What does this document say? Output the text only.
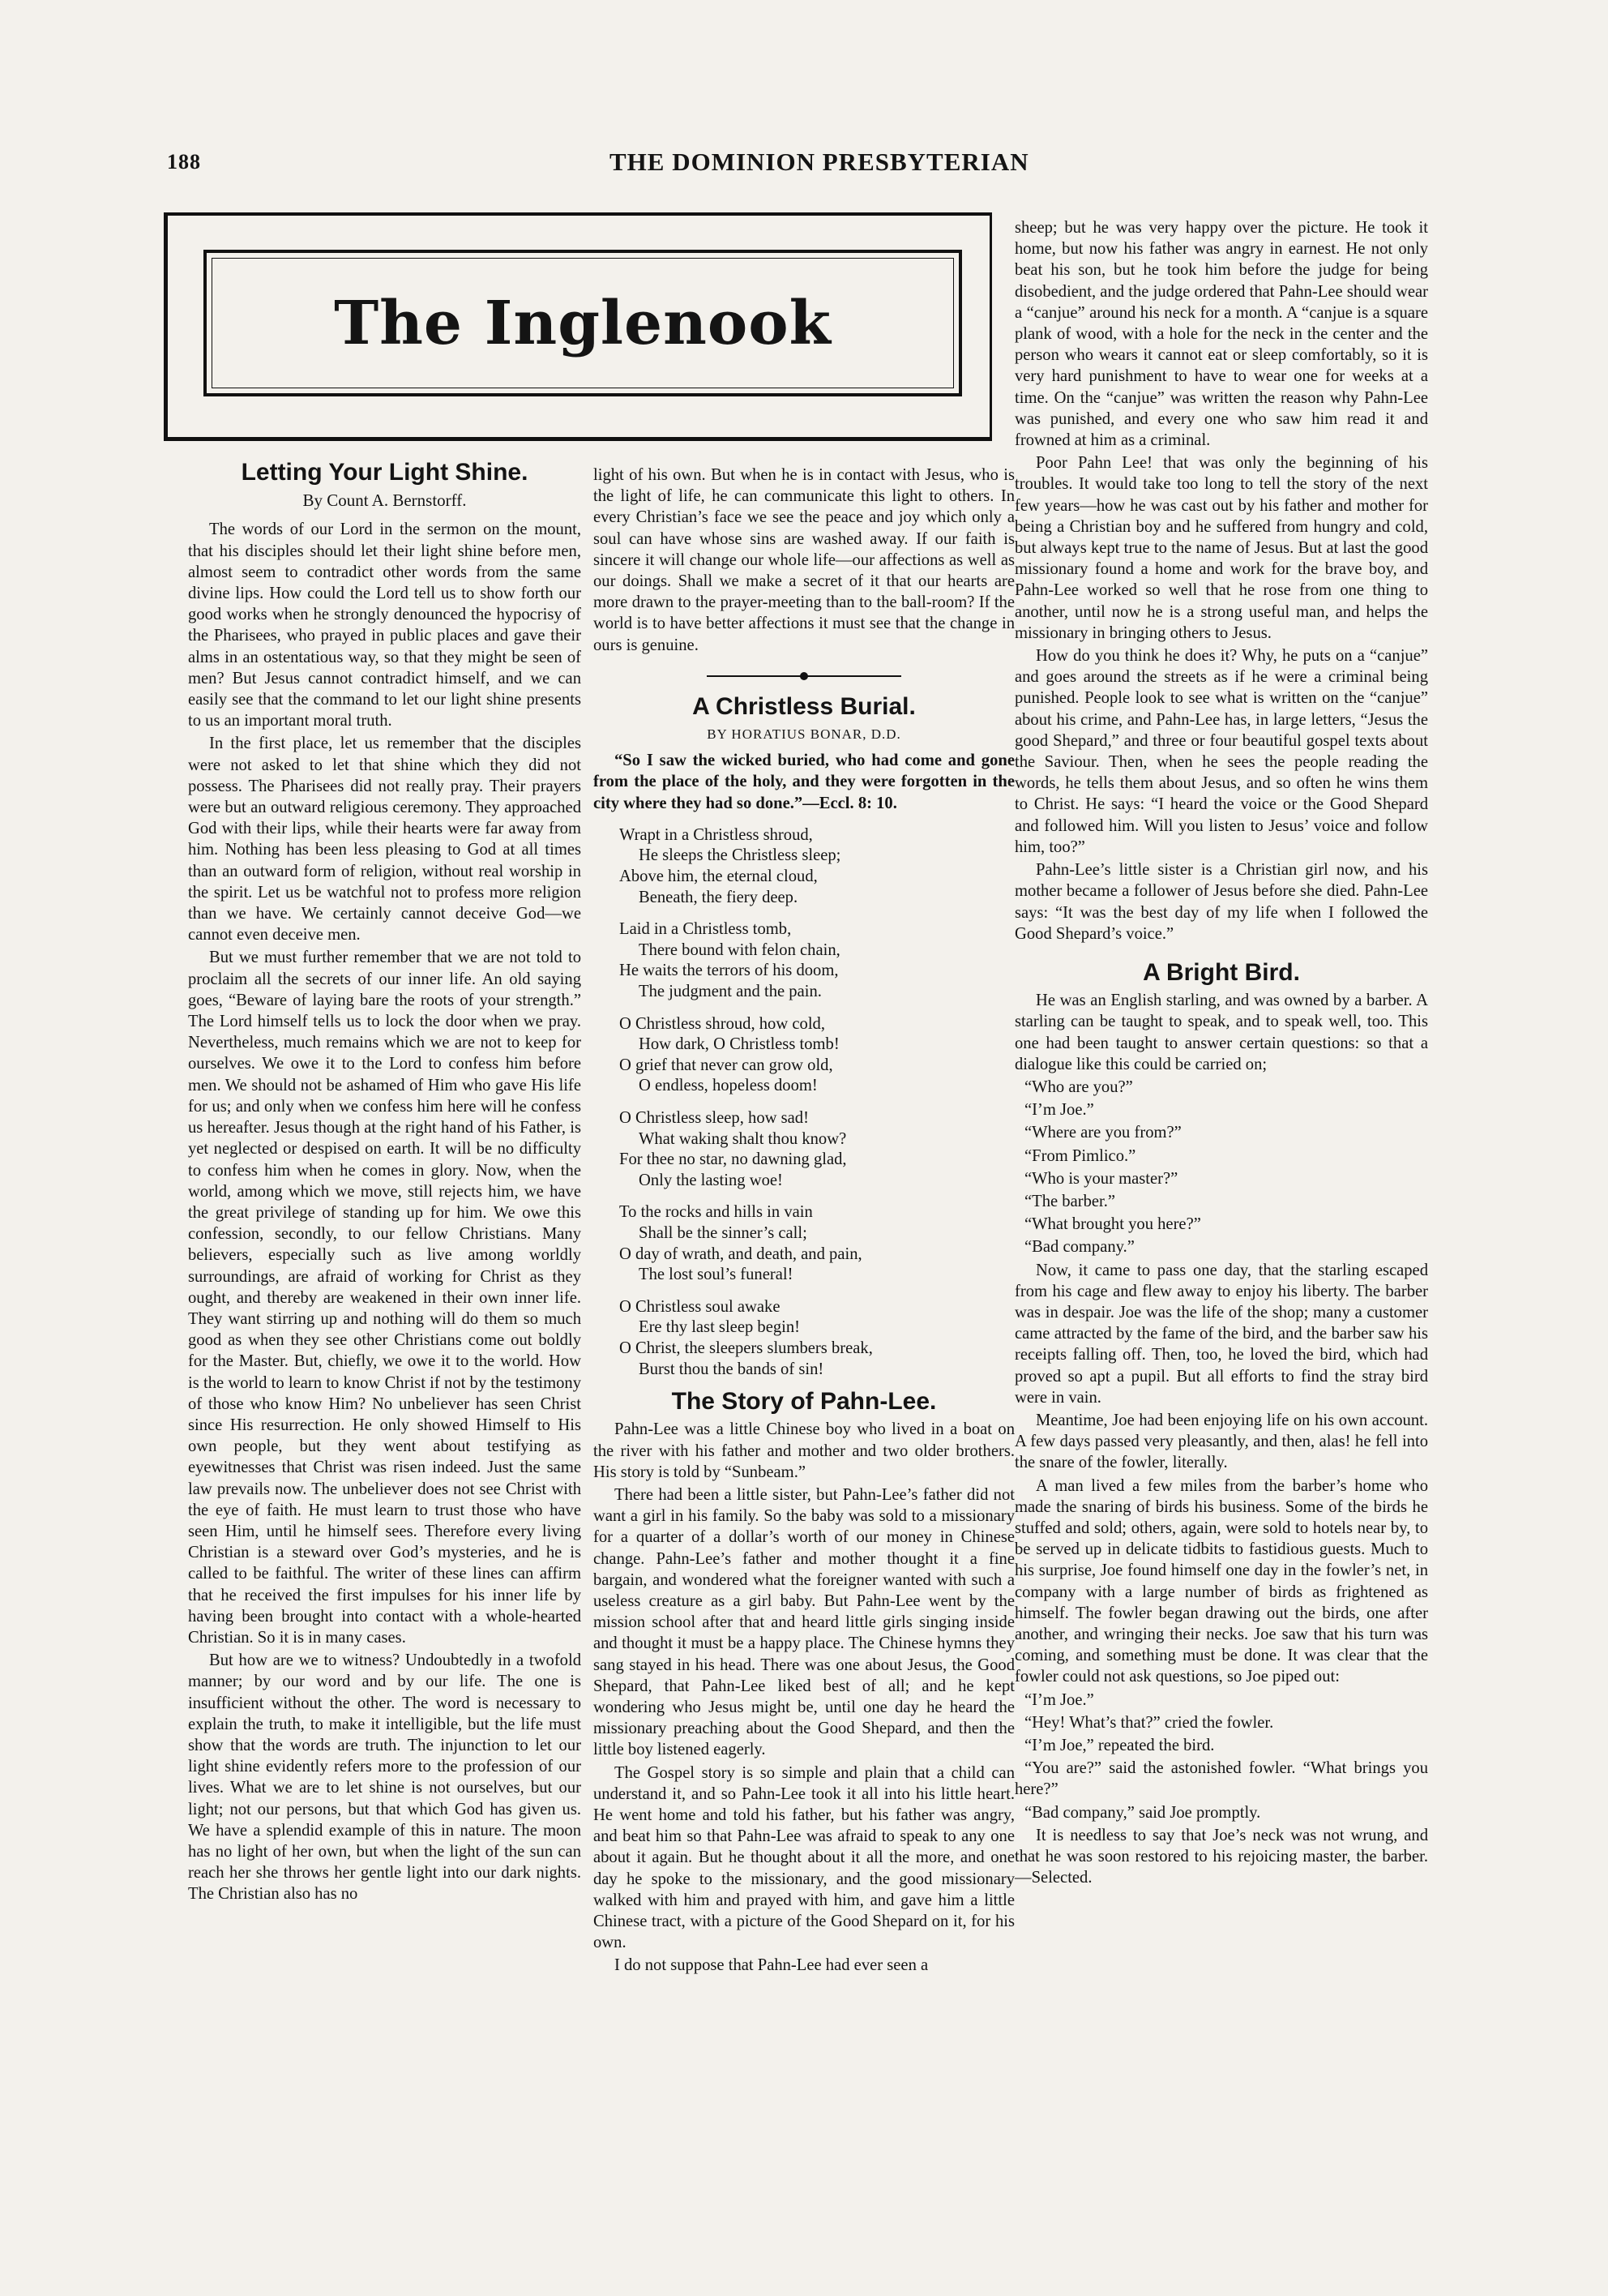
188	THE DOMINION PRESBYTERIAN
The Inglenook
Letting Your Light Shine.
By Count A. Bernstorff.

The words of our Lord in the sermon on the mount, that his disciples should let their light shine before men, almost seem to contradict other words from the same divine lips. How could the Lord tell us to show forth our good works when he strongly denounced the hypocrisy of the Pharisees, who prayed in public places and gave their alms in an ostentatious way, so that they might be seen of men? But Jesus cannot contradict himself, and we can easily see that the command to let our light shine presents to us an important moral truth.

In the first place, let us remember that the disciples were not asked to let that shine which they did not possess. The Pharisees did not really pray. Their prayers were but an outward religious ceremony. They approached God with their lips, while their hearts were far away from him. Nothing has been less pleasing to God at all times than an outward form of religion, without real worship in the spirit. Let us be watchful not to profess more religion than we have. We certainly cannot deceive God—we cannot even deceive men.

But we must further remember that we are not told to proclaim all the secrets of our inner life. An old saying goes, “Beware of laying bare the roots of your strength.” The Lord himself tells us to lock the door when we pray. Nevertheless, much remains which we are not to keep for ourselves. We owe it to the Lord to confess him before men. We should not be ashamed of Him who gave His life for us; and only when we confess him here will he confess us hereafter. Jesus though at the right hand of his Father, is yet neglected or despised on earth. It will be no difficulty to confess him when he comes in glory. Now, when the world, among which we move, still rejects him, we have the great privilege of standing up for him. We owe this confession, secondly, to our fellow Christians. Many believers, especially such as live among worldly surroundings, are afraid of working for Christ as they ought, and thereby are weakened in their own inner life. They want stirring up and nothing will do them so much good as when they see other Christians come out boldly for the Master. But, chiefly, we owe it to the world. How is the world to learn to know Christ if not by the testimony of those who know Him? No unbeliever has seen Christ since His resurrection. He only showed Himself to His own people, but they went about testifying as eyewitnesses that Christ was risen indeed. Just the same law prevails now. The unbeliever does not see Christ with the eye of faith. He must learn to trust those who have seen Him, until he himself sees. Therefore every living Christian is a steward over God’s mysteries, and he is called to be faithful. The writer of these lines can affirm that he received the first impulses for his inner life by having been brought into contact with a whole-hearted Christian. So it is in many cases.

But how are we to witness? Undoubtedly in a twofold manner; by our word and by our life. The one is insufficient without the other. The word is necessary to explain the truth, to make it intelligible, but the life must show that the words are truth. The injunction to let our light shine evidently refers more to the profession of our lives. What we are to let shine is not ourselves, but our light; not our persons, but that which God has given us. We have a splendid example of this in nature. The moon has no light of her own, but when the light of the sun can reach her she throws her gentle light into our dark nights. The Christian also has no

light of his own. But when he is in contact with Jesus, who is the light of life, he can communicate this light to others. In every Christian’s face we see the peace and joy which only a soul can have whose sins are washed away. If our faith is sincere it will change our whole life—our affections as well as our doings. Shall we make a secret of it that our hearts are more drawn to the prayer-meeting than to the ball-room? If the world is to have better affections it must see that the change in ours is genuine.

A Christless Burial.
BY HORATIUS BONAR, D.D.

“So I saw the wicked buried, who had come and gone from the place of the holy, and they were forgotten in the city where they had so done.”—Eccl. 8: 10.

Wrapt in a Christless shroud,
He sleeps the Christless sleep;
Above him, the eternal cloud,
Beneath, the fiery deep.
Laid in a Christless tomb,
There bound with felon chain,
He waits the terrors of his doom,
The judgment and the pain.
O Christless shroud, how cold,
How dark, O Christless tomb!
O grief that never can grow old,
O endless, hopeless doom!
O Christless sleep, how sad!
What waking shalt thou know?
For thee no star, no dawning glad,
Only the lasting woe!
To the rocks and hills in vain
Shall be the sinner’s call;
O day of wrath, and death, and pain,
The lost soul’s funeral!
O Christless soul awake
Ere thy last sleep begin!
O Christ, the sleepers slumbers break,
Burst thou the bands of sin!
The Story of Pahn-Lee.

Pahn-Lee was a little Chinese boy who lived in a boat on the river with his father and mother and two older brothers. His story is told by “Sunbeam.”

There had been a little sister, but Pahn-Lee’s father did not want a girl in his family. So the baby was sold to a missionary for a quarter of a dollar’s worth of our money in Chinese change. Pahn-Lee’s father and mother thought it a fine bargain, and wondered what the foreigner wanted with such a useless creature as a girl baby. But Pahn-Lee went by the mission school after that and heard little girls singing inside and thought it must be a happy place. The Chinese hymns they sang stayed in his head. There was one about Jesus, the Good Shepard, that Pahn-Lee liked best of all; and he kept wondering who Jesus might be, until one day he heard the missionary preaching about the Good Shepard, and then the little boy listened eagerly.

The Gospel story is so simple and plain that a child can understand it, and so Pahn-Lee took it all into his little heart. He went home and told his father, but his father was angry, and beat him so that Pahn-Lee was afraid to speak to any one about it again. But he thought about it all the more, and one day he spoke to the missionary, and the good missionary walked with him and prayed with him, and gave him a little Chinese tract, with a picture of the Good Shepard on it, for his own.

I do not suppose that Pahn-Lee had ever seen a

sheep; but he was very happy over the picture. He took it home, but now his father was angry in earnest. He not only beat his son, but he took him before the judge for being disobedient, and the judge ordered that Pahn-Lee should wear a “canjue” around his neck for a month. A “canjue is a square plank of wood, with a hole for the neck in the center and the person who wears it cannot eat or sleep comfortably, so it is very hard punishment to have to wear one for weeks at a time. On the “canjue” was written the reason why Pahn-Lee was punished, and every one who saw him read it and frowned at him as a criminal.

Poor Pahn Lee! that was only the beginning of his troubles. It would take too long to tell the story of the next few years—how he was cast out by his father and mother for being a Christian boy and he suffered from hungry and cold, but always kept true to the name of Jesus. But at last the good missionary found a home and work for the brave boy, and Pahn-Lee worked so well that he rose from one thing to another, until now he is a strong useful man, and helps the missionary in bringing others to Jesus.

How do you think he does it? Why, he puts on a “canjue” and goes around the streets as if he were a criminal being punished. People look to see what is written on the “canjue” about his crime, and Pahn-Lee has, in large letters, “Jesus the good Shepard,” and three or four beautiful gospel texts about the Saviour. Then, when he sees the people reading the words, he tells them about Jesus, and so often he wins them to Christ. He says: “I heard the voice or the Good Shepard and followed him. Will you listen to Jesus’ voice and follow him, too?”

Pahn-Lee’s little sister is a Christian girl now, and his mother became a follower of Jesus before she died. Pahn-Lee says: “It was the best day of my life when I followed the Good Shepard’s voice.”

A Bright Bird.

He was an English starling, and was owned by a barber. A starling can be taught to speak, and to speak well, too. This one had been taught to answer certain questions: so that a dialogue like this could be carried on;

“Who are you?”

“I’m Joe.”

“Where are you from?”

“From Pimlico.”

“Who is your master?”

“The barber.”

“What brought you here?”

“Bad company.”

Now, it came to pass one day, that the starling escaped from his cage and flew away to enjoy his liberty. The barber was in despair. Joe was the life of the shop; many a customer came attracted by the fame of the bird, and the barber saw his receipts falling off. Then, too, he loved the bird, which had proved so apt a pupil. But all efforts to find the stray bird were in vain.

Meantime, Joe had been enjoying life on his own account. A few days passed very pleasantly, and then, alas! he fell into the snare of the fowler, literally.

A man lived a few miles from the barber’s home who made the snaring of birds his business. Some of the birds he stuffed and sold; others, again, were sold to hotels near by, to be served up in delicate tidbits to fastidious guests. Much to his surprise, Joe found himself one day in the fowler’s net, in company with a large number of birds as frightened as himself. The fowler began drawing out the birds, one after another, and wringing their necks. Joe saw that his turn was coming, and something must be done. It was clear that the fowler could not ask questions, so Joe piped out:

“I’m Joe.”

“Hey! What’s that?” cried the fowler.

“I’m Joe,” repeated the bird.

“You are?” said the astonished fowler. “What brings you here?”

“Bad company,” said Joe promptly.

It is needless to say that Joe’s neck was not wrung, and that he was soon restored to his rejoicing master, the barber.—Selected.
